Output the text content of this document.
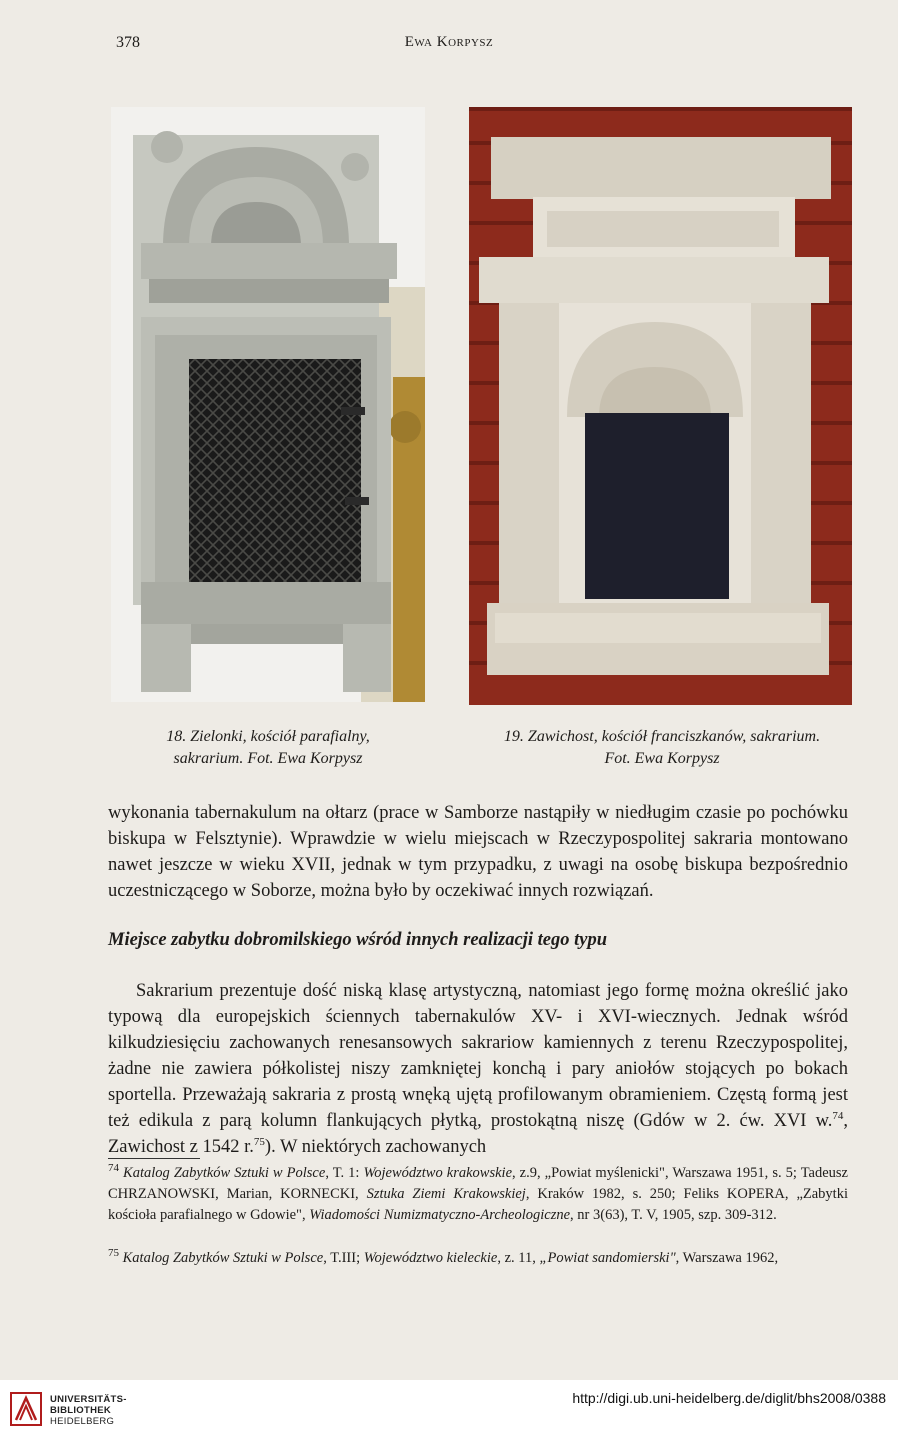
378	Ewa Korpysz
18. Zielonki, kościół parafialny,
sakrarium. Fot. Ewa Korpysz
19. Zawichost, kościół franciszkanów, sakrarium.
Fot. Ewa Korpysz
wykonania tabernakulum na ołtarz (prace w Samborze nastąpiły w niedługim czasie po pochówku biskupa w Felsztynie). Wprawdzie w wielu miejscach w Rzeczypospolitej sakraria montowano nawet jeszcze w wieku XVII, jednak w tym przypadku, z uwagi na osobę biskupa bezpośrednio uczestniczącego w Soborze, można było by oczekiwać innych rozwiązań.
Miejsce zabytku dobromilskiego wśród innych realizacji tego typu
Sakrarium prezentuje dość niską klasę artystyczną, natomiast jego formę można określić jako typową dla europejskich ściennych tabernakulów XV- i XVI-wiecznych. Jednak wśród kilkudziesięciu zachowanych renesansowych sakrariow kamiennych z terenu Rzeczypospolitej, żadne nie zawiera półkolistej niszy zamkniętej konchą i pary aniołów stojących po bokach sportella. Przeważają sakraria z prostą wnęką ujętą profilowanym obramieniem. Częstą formą jest też edikula z parą kolumn flankujących płytką, prostokątną niszę (Gdów w 2. ćw. XVI w.$^{74}$, Zawichost z 1542 r.$^{75}$). W niektórych zachowanych
$^{74}$ Katalog Zabytków Sztuki w Polsce, T. 1: Województwo krakowskie, z.9, „Powiat myślenicki", Warszawa 1951, s. 5; Tadeusz CHRZANOWSKI, Marian, KORNECKI, Sztuka Ziemi Krakowskiej, Kraków 1982, s. 250; Feliks KOPERA, „Zabytki kościoła parafialnego w Gdowie", Wiadomości Numizmatyczno-Archeologiczne, nr 3(63), T. V, 1905, szp. 309-312.
$^{75}$ Katalog Zabytków Sztuki w Polsce, T.III; Województwo kieleckie, z. 11, „Powiat sandomierski", Warszawa 1962,
UNIVERSITÄTS-
BIBLIOTHEK
HEIDELBERG
http://digi.ub.uni-heidelberg.de/diglit/bhs2008/0388
